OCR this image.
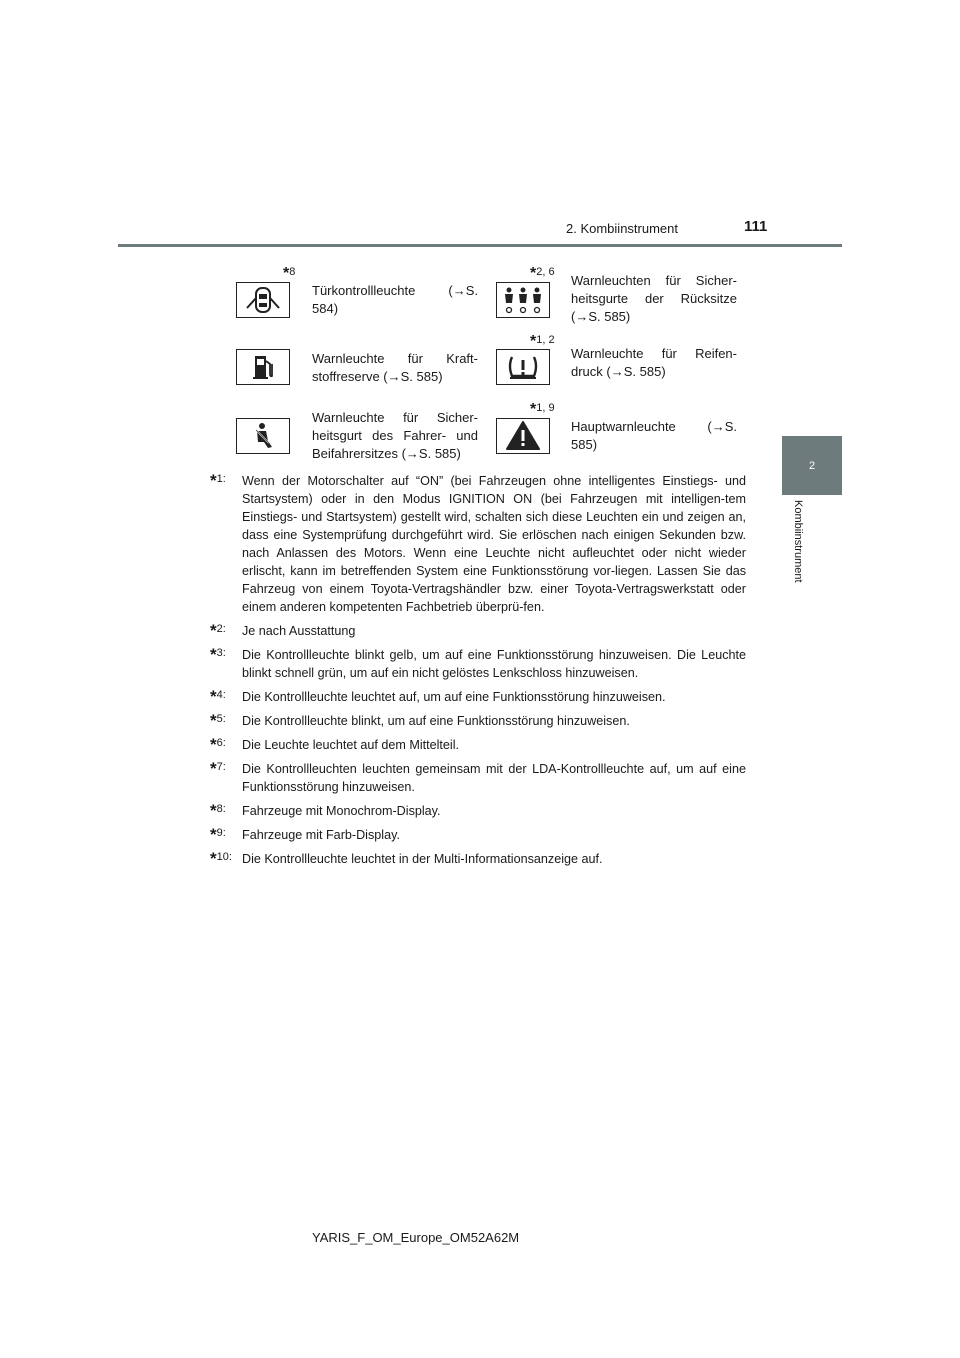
2. Kombiinstrument	111
2
Kombiinstrument
*8
Türkontrollleuchte (→S. 584)
*2, 6
Warnleuchten für Sicher-heitsgurte der Rücksitze (→S. 585)
Warnleuchte für Kraft-stoffreserve (→S. 585)
*1, 2
Warnleuchte für Reifen-druck (→S. 585)
Warnleuchte für Sicher-heitsgurt des Fahrer- und Beifahrersitzes (→S. 585)
*1, 9
Hauptwarnleuchte (→S. 585)
*1: Wenn der Motorschalter auf “ON” (bei Fahrzeugen ohne intelligentes Einstiegs- und Startsystem) oder in den Modus IGNITION ON (bei Fahrzeugen mit intelligen-tem Einstiegs- und Startsystem) gestellt wird, schalten sich diese Leuchten ein und zeigen an, dass eine Systemprüfung durchgeführt wird. Sie erlöschen nach einigen Sekunden bzw. nach Anlassen des Motors. Wenn eine Leuchte nicht aufleuchtet oder nicht wieder erlischt, kann im betreffenden System eine Funktionsstörung vor-liegen. Lassen Sie das Fahrzeug von einem Toyota-Vertragshändler bzw. einer Toyota-Vertragswerkstatt oder einem anderen kompetenten Fachbetrieb überprü-fen.
*2: Je nach Ausstattung
*3: Die Kontrollleuchte blinkt gelb, um auf eine Funktionsstörung hinzuweisen. Die Leuchte blinkt schnell grün, um auf ein nicht gelöstes Lenkschloss hinzuweisen.
*4: Die Kontrollleuchte leuchtet auf, um auf eine Funktionsstörung hinzuweisen.
*5: Die Kontrollleuchte blinkt, um auf eine Funktionsstörung hinzuweisen.
*6: Die Leuchte leuchtet auf dem Mittelteil.
*7: Die Kontrollleuchten leuchten gemeinsam mit der LDA-Kontrollleuchte auf, um auf eine Funktionsstörung hinzuweisen.
*8: Fahrzeuge mit Monochrom-Display.
*9: Fahrzeuge mit Farb-Display.
*10: Die Kontrollleuchte leuchtet in der Multi-Informationsanzeige auf.
YARIS_F_OM_Europe_OM52A62M
